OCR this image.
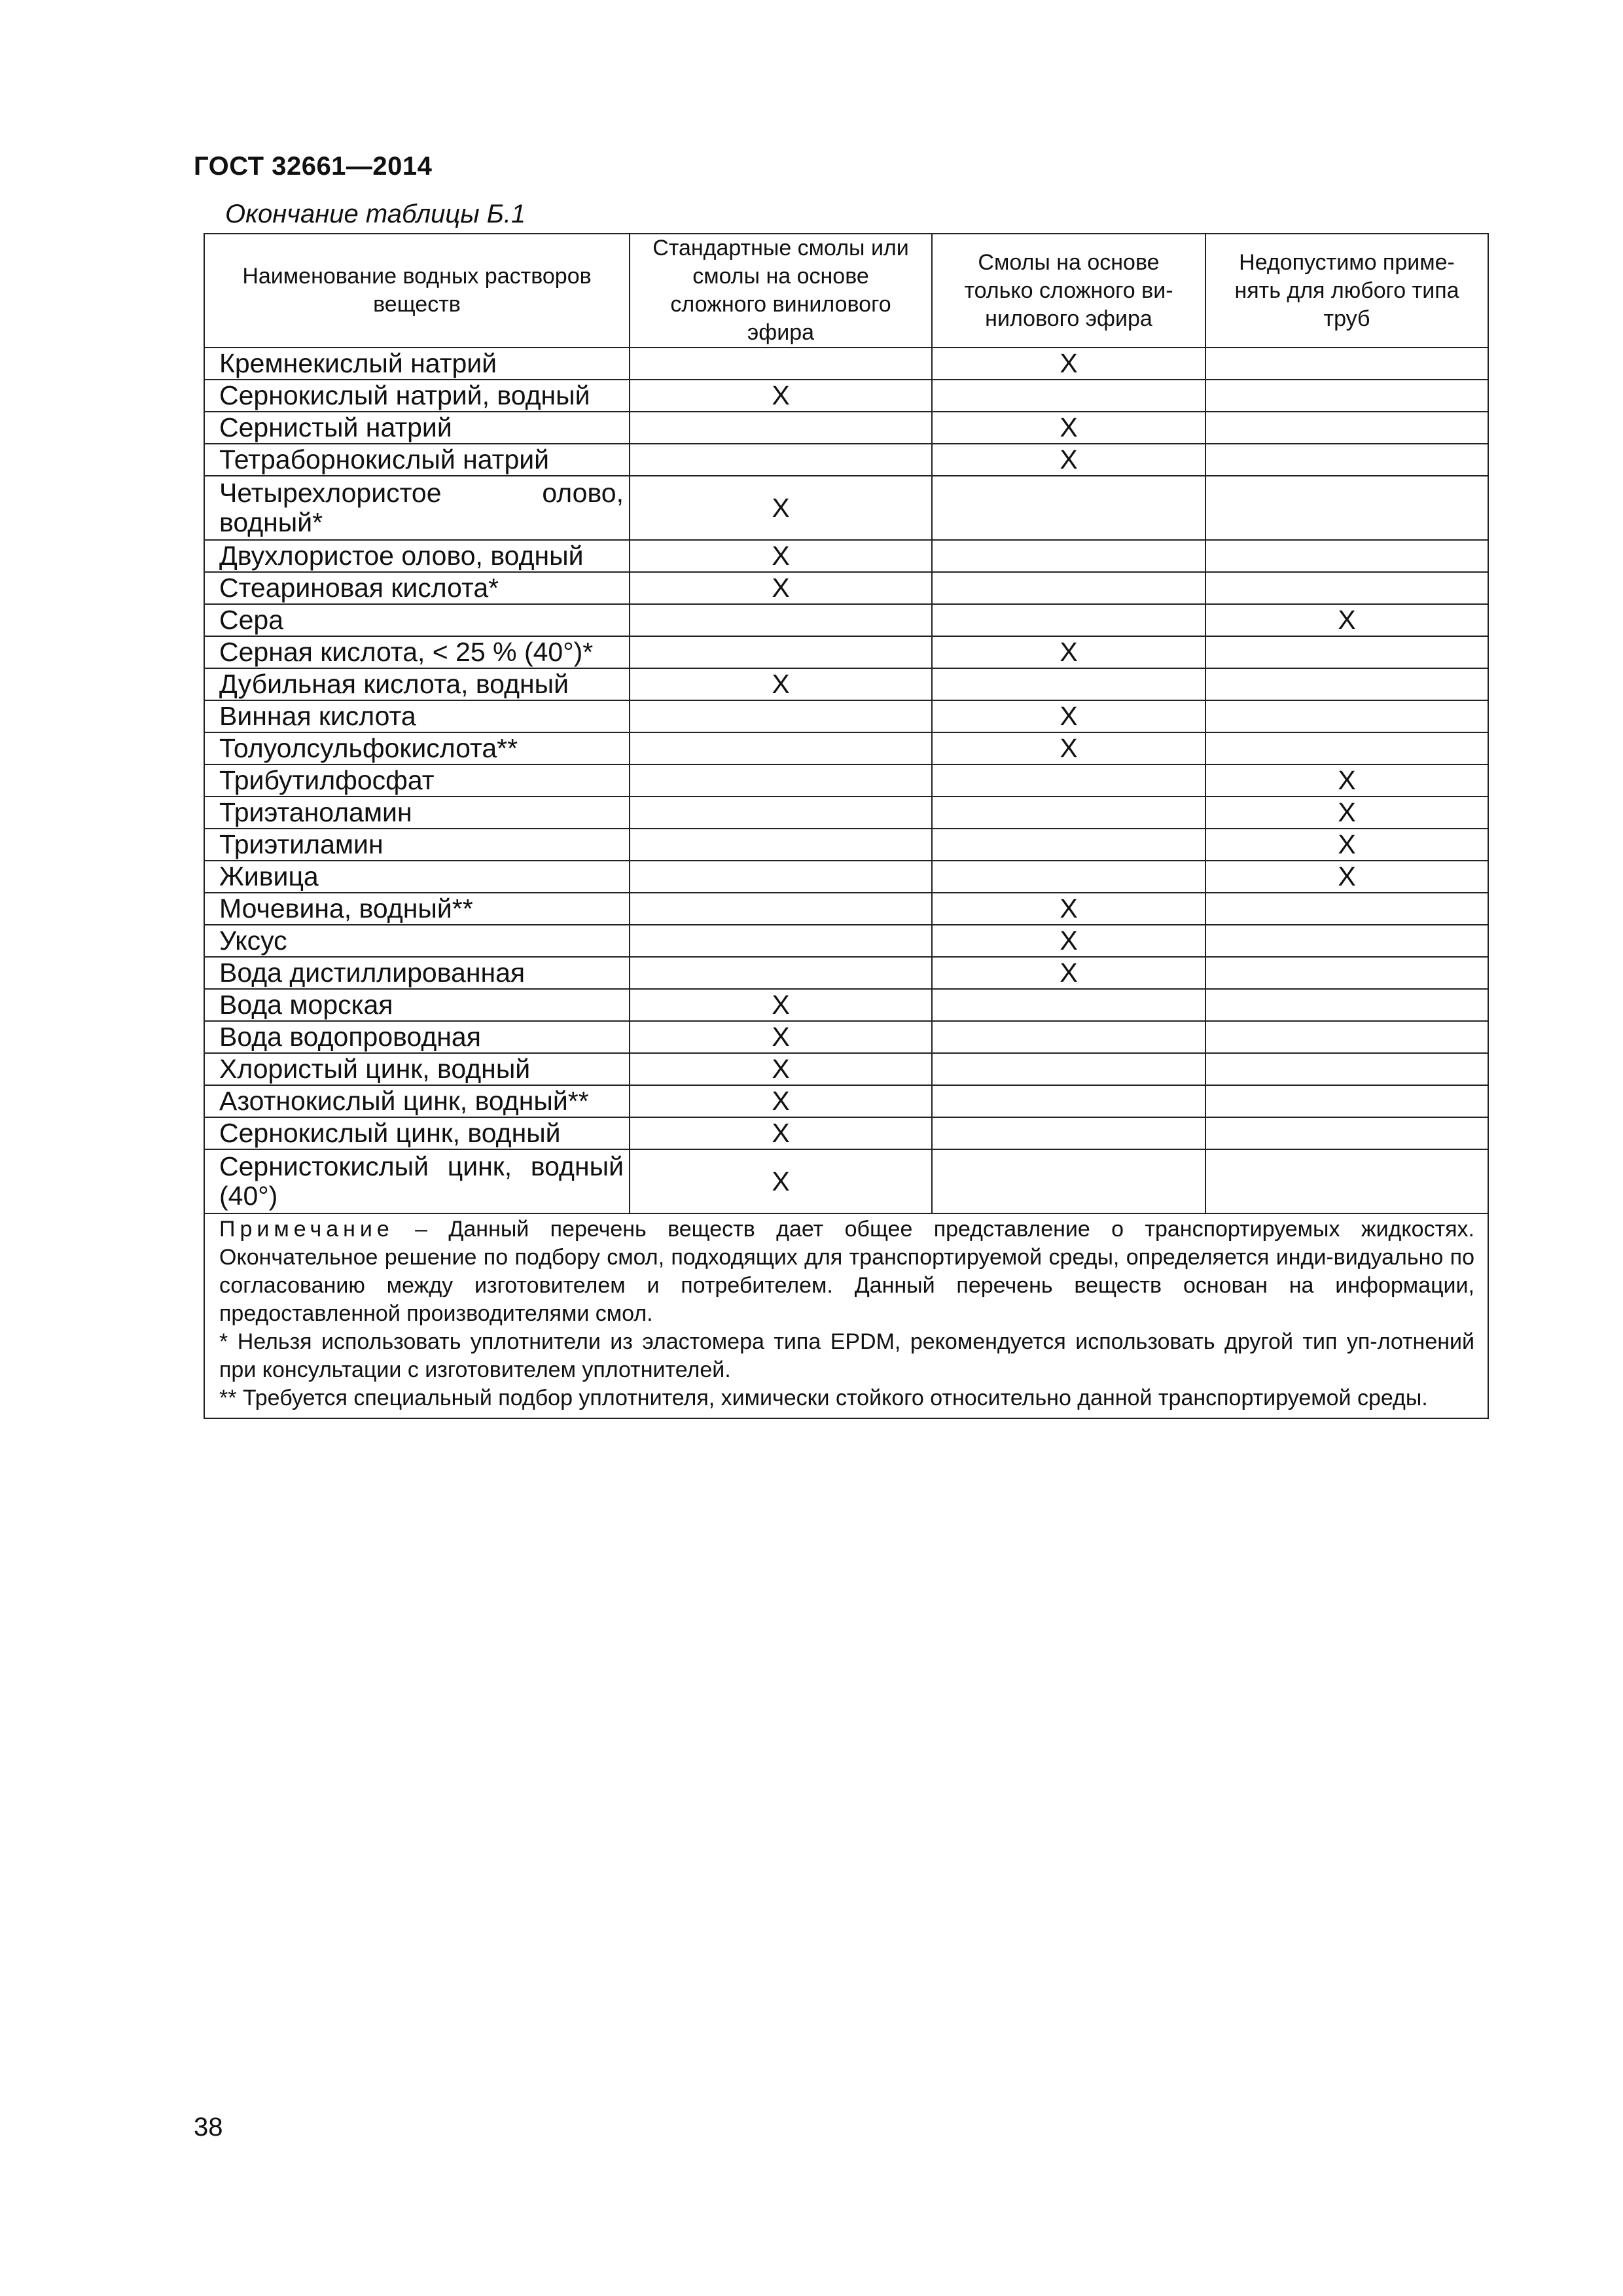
ГОСТ 32661—2014
Окончание таблицы Б.1
Наименование водных растворов веществ	Стандартные смолы или смолы на основе сложного винилового эфира	Смолы на основе только сложного ви-нилового эфира	Недопустимо приме-нять для любого типа труб
Кремнекислый натрий		X	
Сернокислый натрий, водный	X		
Сернистый натрий		X	
Тетраборнокислый натрий		X	
Четырехлористое олово, водный*	X		
Двухлористое олово, водный	X		
Стеариновая кислота*	X		
Сера			X
Серная кислота, < 25 % (40°)*		X	
Дубильная кислота, водный	X		
Винная кислота		X	
Толуолсульфокислота**		X	
Трибутилфосфат			X
Триэтаноламин			X
Триэтиламин			X
Живица			X
Мочевина, водный**		X	
Уксус		X	
Вода дистиллированная		X	
Вода морская	X		
Вода водопроводная	X		
Хлористый цинк, водный	X		
Азотнокислый цинк, водный**	X		
Сернокислый цинк, водный	X		
Сернистокислый цинк, водный (40°)	X		

Примечание – Данный перечень веществ дает общее представление о транспортируемых жидкостях. Окончательное решение по подбору смол, подходящих для транспортируемой среды, определяется инди-видуально по согласованию между изготовителем и потребителем. Данный перечень веществ основан на информации, предоставленной производителями смол.

* Нельзя использовать уплотнители из эластомера типа EPDM, рекомендуется использовать другой тип уп-лотнений при консультации с изготовителем уплотнителей.

** Требуется специальный подбор уплотнителя, химически стойкого относительно данной транспортируемой среды.			

38
